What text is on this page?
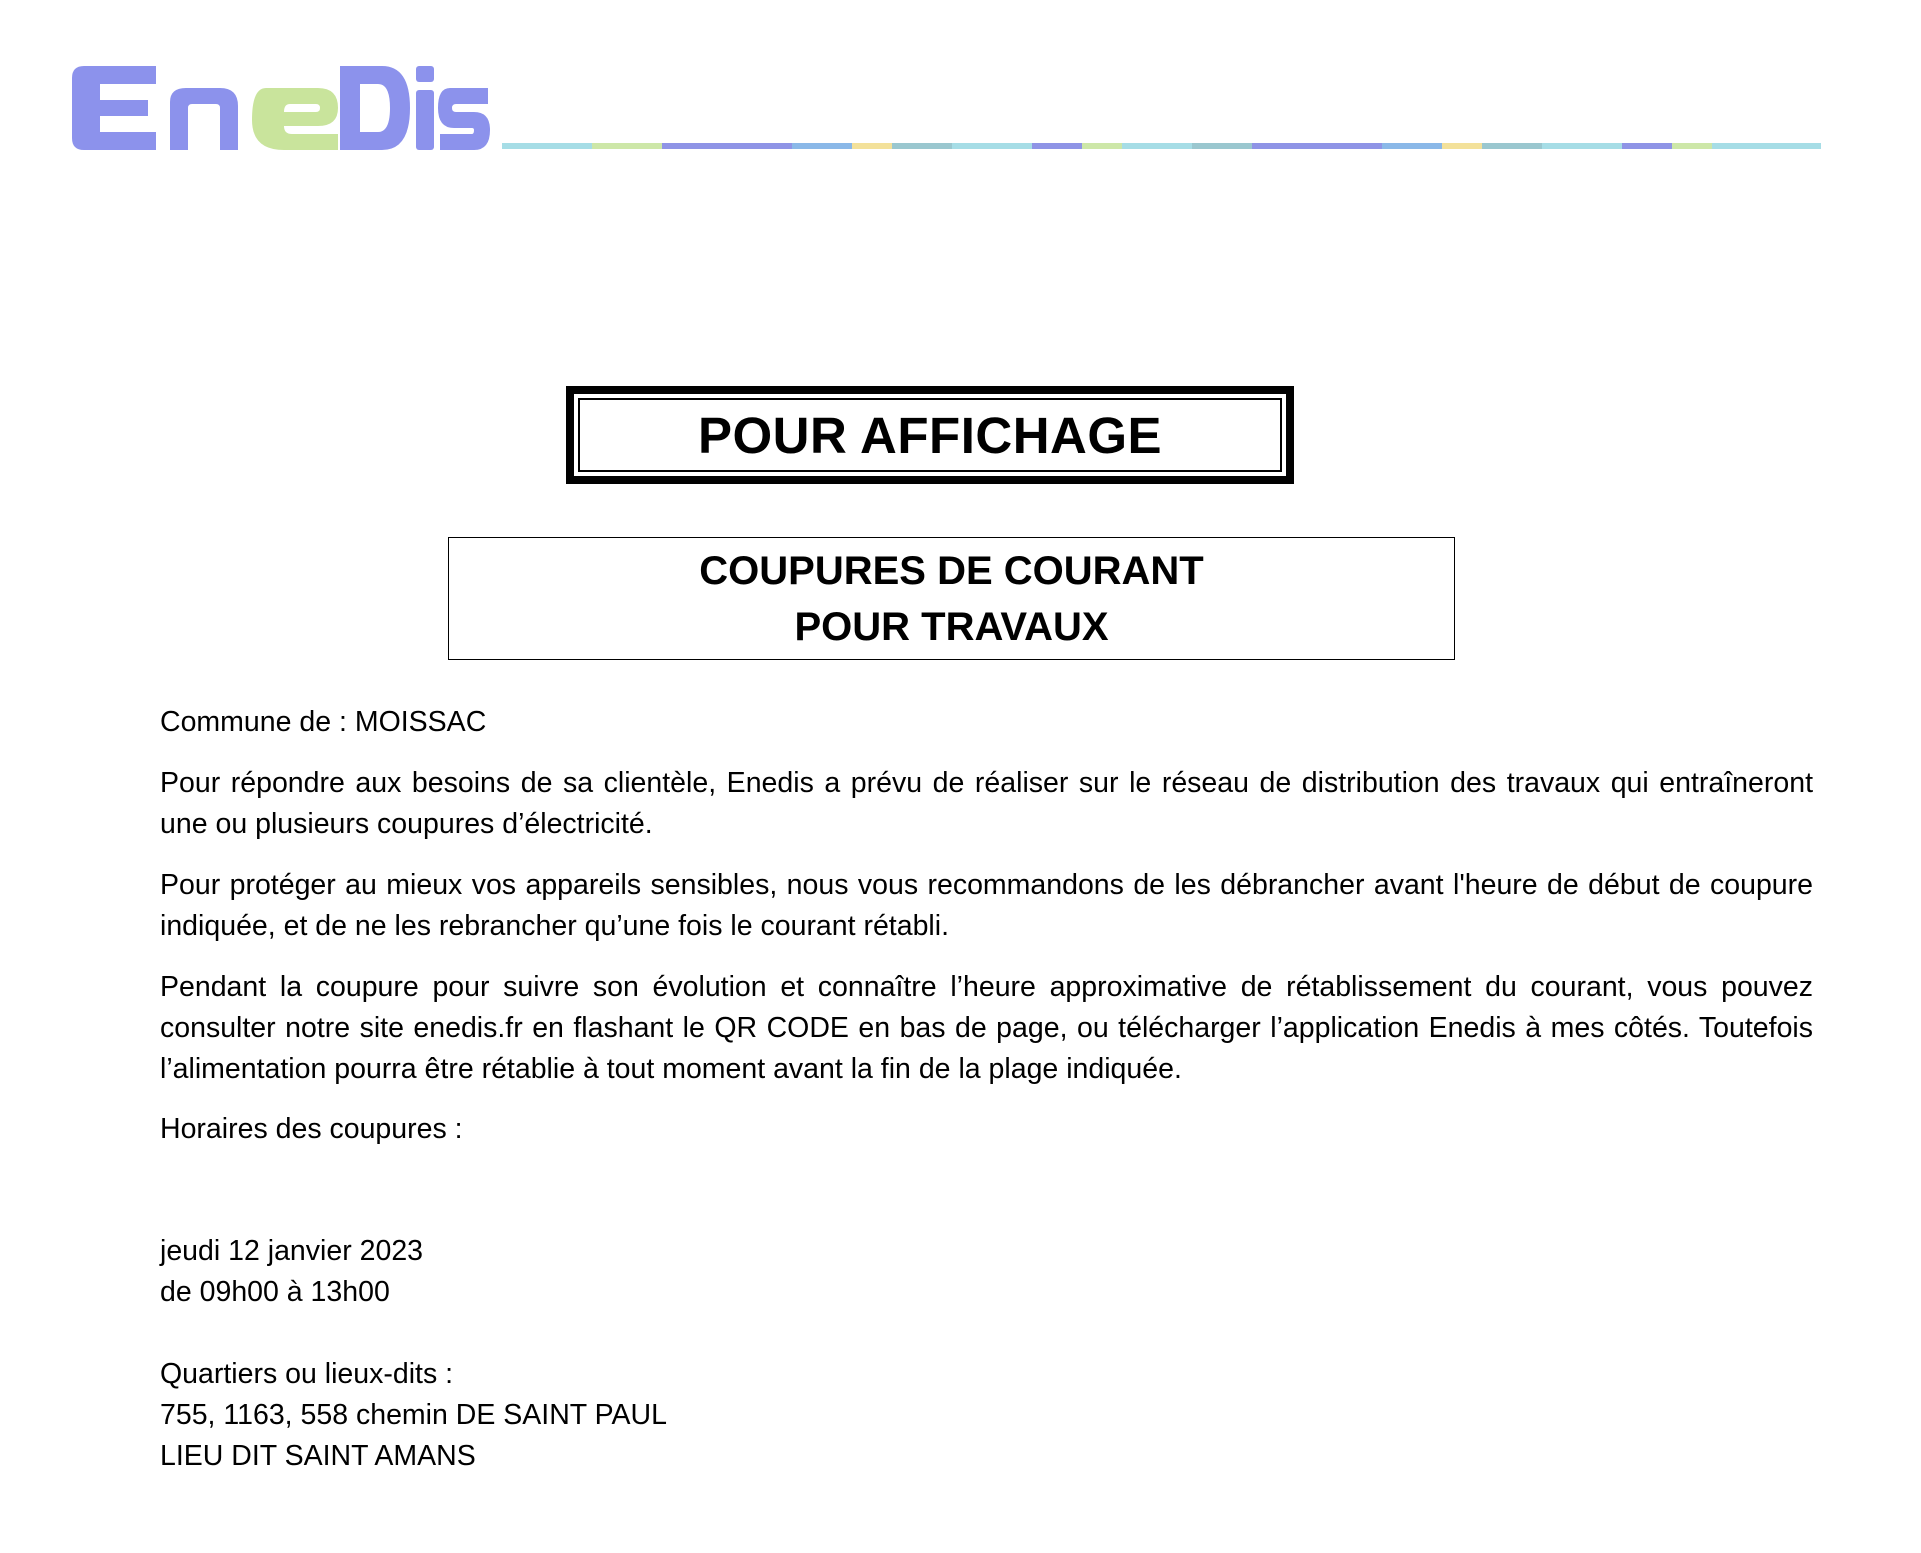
POUR AFFICHAGE
COUPURES DE COURANT
POUR TRAVAUX

Commune de : MOISSAC

Pour répondre aux besoins de sa clientèle, Enedis a prévu de réaliser sur le réseau de distribution des travaux qui entraîneront une ou plusieurs coupures d’électricité.

Pour protéger au mieux vos appareils sensibles, nous vous recommandons de les débrancher avant l'heure de début de coupure indiquée, et de ne les rebrancher qu’une fois le courant rétabli.

Pendant la coupure pour suivre son évolution et connaître l’heure approximative de rétablissement du courant, vous pouvez consulter notre site enedis.fr en flashant le QR CODE en bas de page, ou télécharger l’application Enedis à mes côtés. Toutefois l’alimentation pourra être rétablie à tout moment avant la fin de la plage indiquée.

Horaires des coupures :

jeudi 12 janvier 2023
de 09h00 à 13h00

Quartiers ou lieux-dits :
755, 1163, 558 chemin DE SAINT PAUL
LIEU DIT SAINT AMANS
